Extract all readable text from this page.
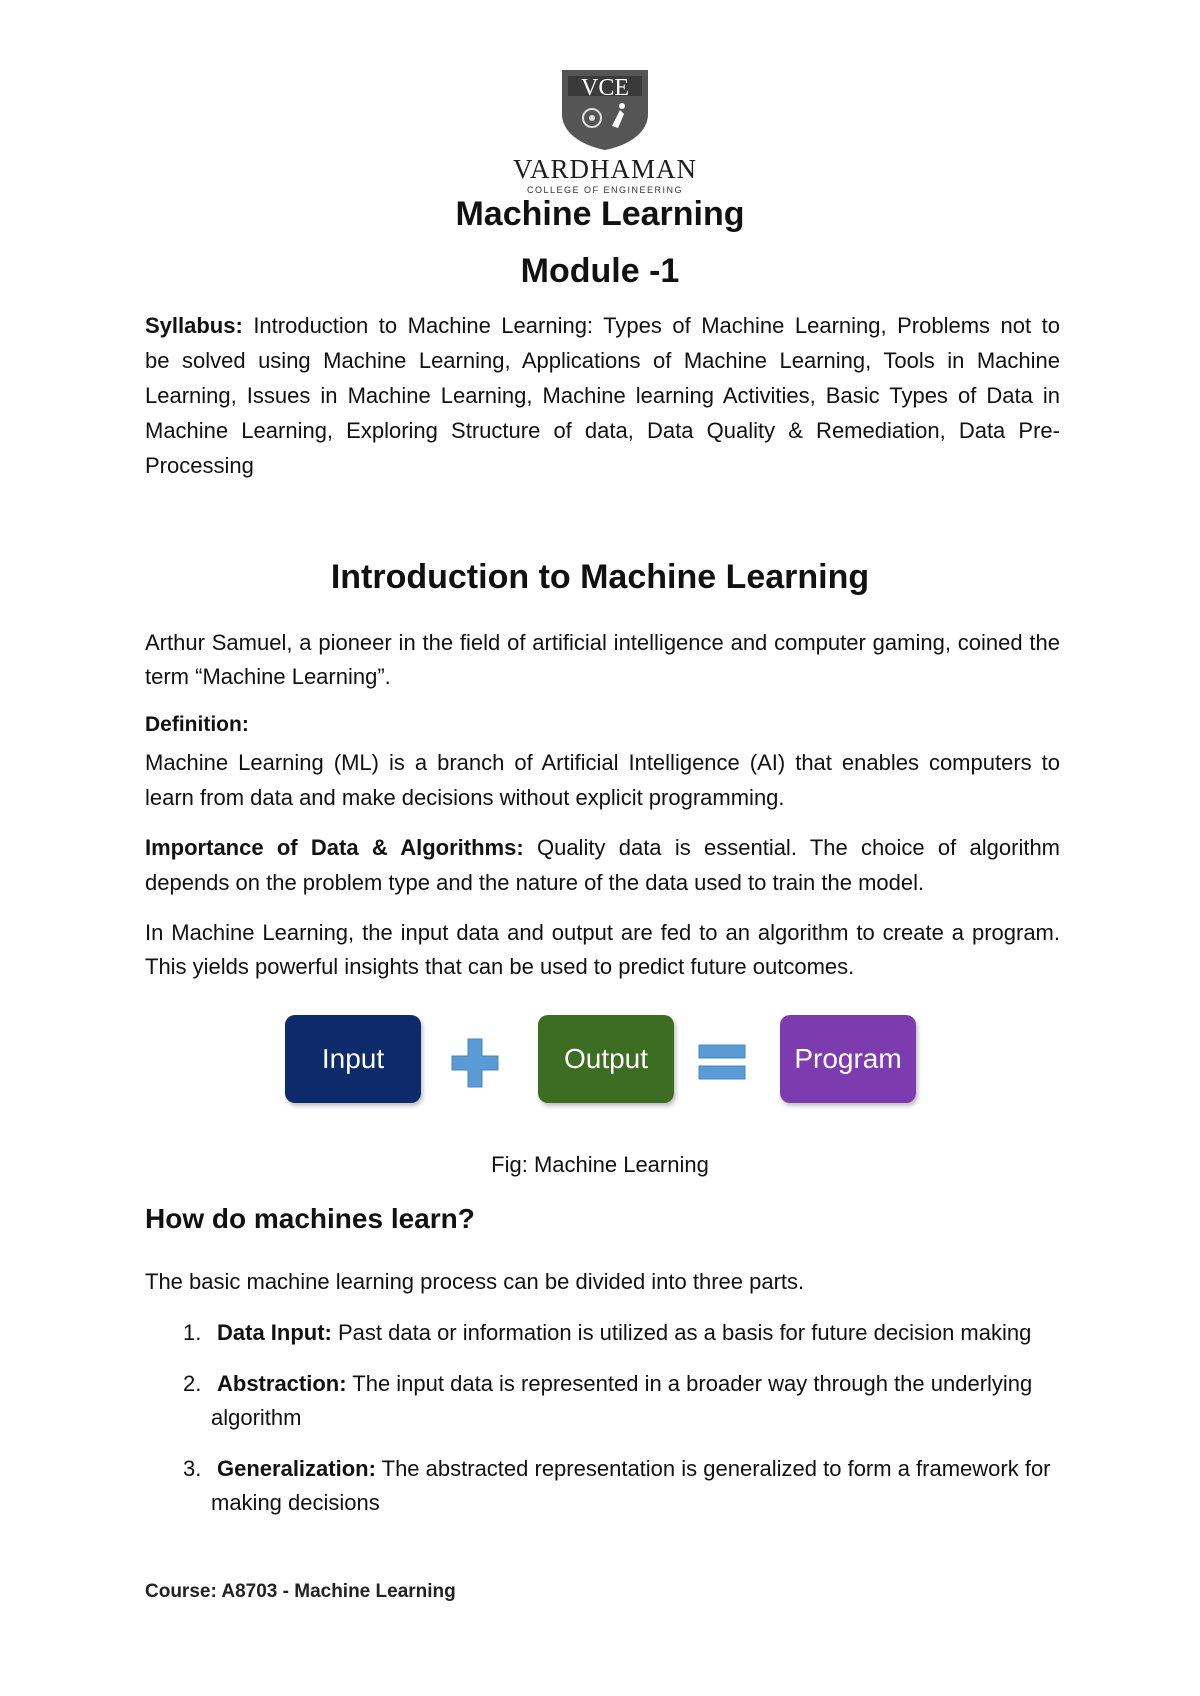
VCE
VARDHAMAN
COLLEGE OF ENGINEERING
Machine Learning
Module -1

Syllabus: Introduction to Machine Learning: Types of Machine Learning, Problems not to be solved using Machine Learning, Applications of Machine Learning, Tools in Machine Learning, Issues in Machine Learning, Machine learning Activities, Basic Types of Data in Machine Learning, Exploring Structure of data, Data Quality & Remediation, Data Pre-Processing

Introduction to Machine Learning

Arthur Samuel, a pioneer in the field of artificial intelligence and computer gaming, coined the term “Machine Learning”.

Definition:

Machine Learning (ML) is a branch of Artificial Intelligence (AI) that enables computers to learn from data and make decisions without explicit programming.

Importance of Data & Algorithms: Quality data is essential. The choice of algorithm depends on the problem type and the nature of the data used to train the model.

In Machine Learning, the input data and output are fed to an algorithm to create a program. This yields powerful insights that can be used to predict future outcomes.

Input	Output	Program
Fig: Machine Learning
How do machines learn?

The basic machine learning process can be divided into three parts.

1. Data Input: Past data or information is utilized as a basis for future decision making
2. Abstraction: The input data is represented in a broader way through the underlying
algorithm
3. Generalization: The abstracted representation is generalized to form a framework for
making decisions
Course: A8703 - Machine Learning
